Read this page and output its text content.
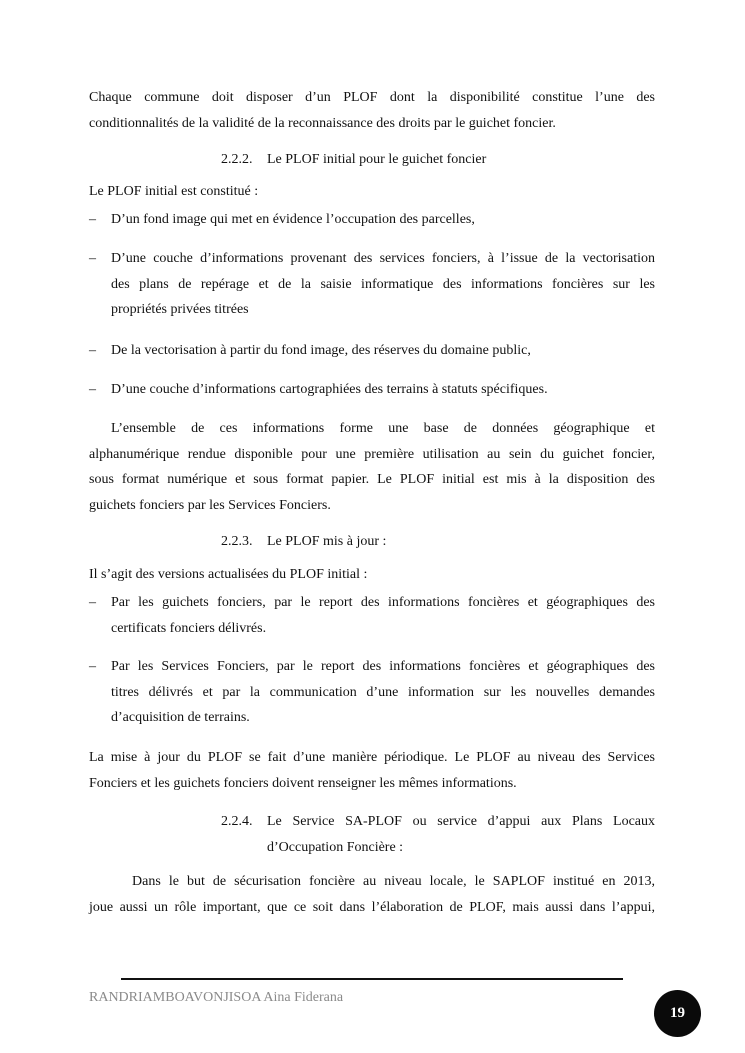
Chaque commune doit disposer d’un PLOF dont la disponibilité constitue l’une des
conditionnalités de la validité de la reconnaissance des droits par le guichet foncier.
2.2.2. Le PLOF initial pour le guichet foncier
Le PLOF initial est constitué :
– D’un fond image qui met en évidence l’occupation des parcelles,
– D’une couche d’informations provenant des services fonciers, à l’issue de la vectorisation
des plans de repérage et de la saisie informatique des informations foncières sur les
propriétés privées titrées
– De la vectorisation à partir du fond image, des réserves du domaine public,
– D’une couche d’informations cartographiées des terrains à statuts spécifiques.
L’ensemble de ces informations forme une base de données géographique et
alphanumérique rendue disponible pour une première utilisation au sein du guichet foncier,
sous format numérique et sous format papier. Le PLOF initial est mis à la disposition des
guichets fonciers par les Services Fonciers.
2.2.3. Le PLOF mis à jour :
Il s’agit des versions actualisées du PLOF initial :
– Par les guichets fonciers, par le report des informations foncières et géographiques des
certificats fonciers délivrés.
– Par les Services Fonciers, par le report des informations foncières et géographiques des
titres délivrés et par la communication d’une information sur les nouvelles demandes
d’acquisition de terrains.
La mise à jour du PLOF se fait d’une manière périodique. Le PLOF au niveau des Services
Fonciers et les guichets fonciers doivent renseigner les mêmes informations.
2.2.4.	Le Service SA-PLOF ou service d’appui aux Plans Locaux
d’Occupation Foncière :
Dans le but de sécurisation foncière au niveau locale, le SAPLOF institué en 2013,
joue aussi un rôle important, que ce soit dans l’élaboration de PLOF, mais aussi dans l’appui,
RANDRIAMBOAVONJISOA Aina Fiderana
19
